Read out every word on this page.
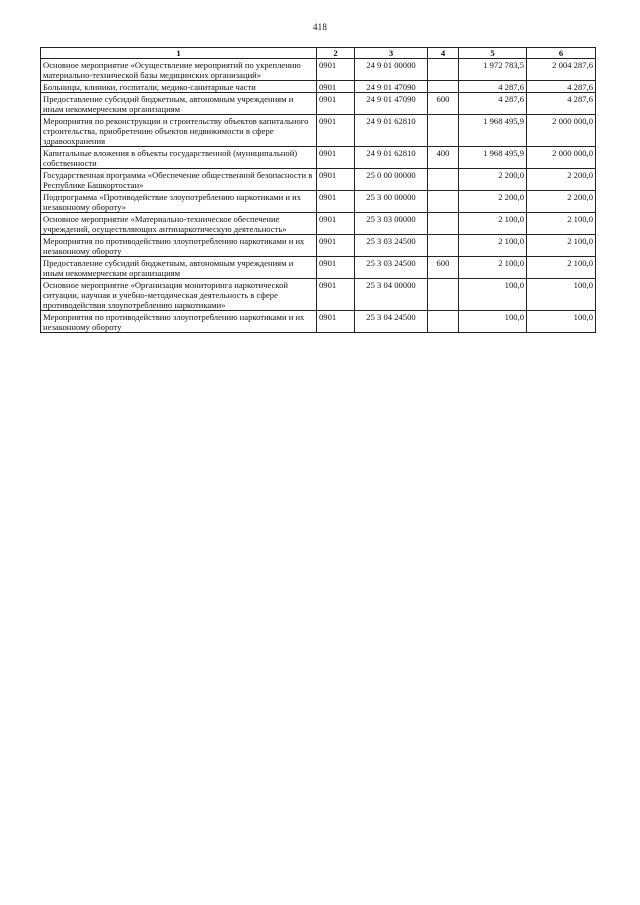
418
1	2	3	4	5	6
Основное мероприятие «Осуществление мероприятий по укреплению материально-технической базы медицинских организаций»	0901	24 9 01 00000		1 972 783,5	2 004 287,6
Больницы, клиники, госпитали, медико-санитарные части	0901	24 9 01 47090		4 287,6	4 287,6
Предоставление субсидий бюджетным, автономным учреждениям и иным некоммерческим организациям	0901	24 9 01 47090	600	4 287,6	4 287,6
Мероприятия по реконструкции и строительству объектов капитального строительства, приобретению объектов недвижимости в сфере здравоохранения	0901	24 9 01 62810		1 968 495,9	2 000 000,0
Капитальные вложения в объекты государственной (муниципальной) собственности	0901	24 9 01 62810	400	1 968 495,9	2 000 000,0
Государственная программа «Обеспечение общественной безопасности в Республике Башкортостан»	0901	25 0 00 00000		2 200,0	2 200,0
Подпрограмма «Противодействие злоупотреблению наркотиками и их незаконному обороту»	0901	25 3 00 00000		2 200,0	2 200,0
Основное мероприятие «Материально-техническое обеспечение учреждений, осуществляющих антинаркотическую деятельность»	0901	25 3 03 00000		2 100,0	2 100,0
Мероприятия по противодействию злоупотреблению наркотиками и их незаконному обороту	0901	25 3 03 24500		2 100,0	2 100,0
Предоставление субсидий бюджетным, автономным учреждениям и иным некоммерческим организациям	0901	25 3 03 24500	600	2 100,0	2 100,0
Основное мероприятие «Организация мониторинга наркотической ситуации, научная и учебно-методическая деятельность в сфере противодействия злоупотреблению наркотиками»	0901	25 3 04 00000		100,0	100,0
Мероприятия по противодействию злоупотреблению наркотиками и их незаконному обороту	0901	25 3 04 24500		100,0	100,0
